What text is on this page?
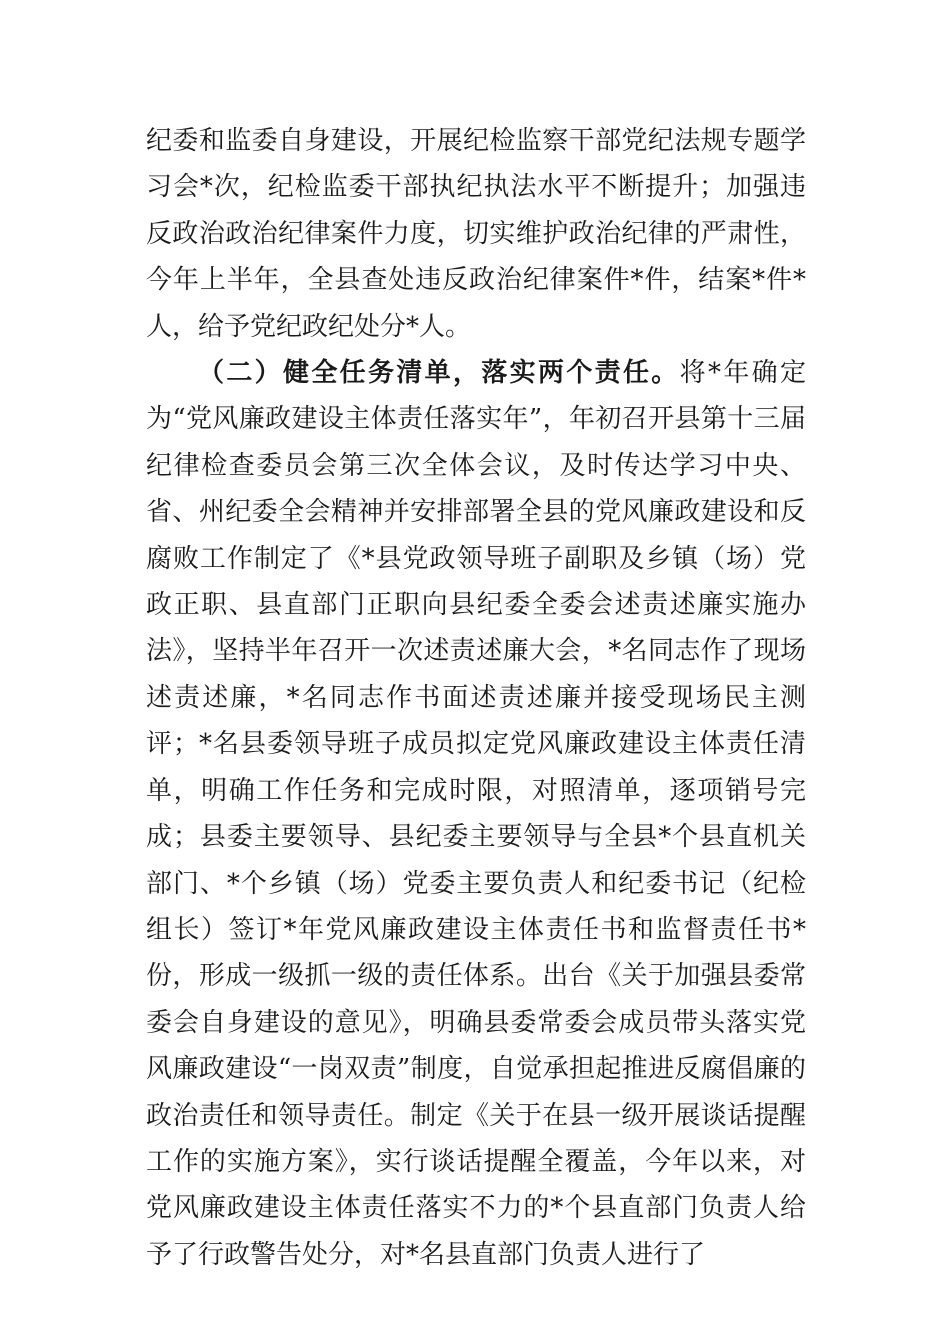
纪委和监委自身建设，开展纪检监察干部党纪法规专题学习会*次，纪检监委干部执纪执法水平不断提升；加强违反政治政治纪律案件力度，切实维护政治纪律的严肃性，今年上半年，全县查处违反政治纪律案件*件，结案*件*人，给予党纪政纪处分*人。

（二）健全任务清单，落实两个责任。将*年确定为“党风廉政建设主体责任落实年”，年初召开县第十三届纪律检查委员会第三次全体会议，及时传达学习中央、省、州纪委全会精神并安排部署全县的党风廉政建设和反腐败工作制定了《*县党政领导班子副职及乡镇（场）党政正职、县直部门正职向县纪委全委会述责述廉实施办法》，坚持半年召开一次述责述廉大会，*名同志作了现场述责述廉，*名同志作书面述责述廉并接受现场民主测评；*名县委领导班子成员拟定党风廉政建设主体责任清单，明确工作任务和完成时限，对照清单，逐项销号完成；县委主要领导、县纪委主要领导与全县*个县直机关部门、*个乡镇（场）党委主要负责人和纪委书记（纪检组长）签订*年党风廉政建设主体责任书和监督责任书*份，形成一级抓一级的责任体系。出台《关于加强县委常委会自身建设的意见》，明确县委常委会成员带头落实党风廉政建设“一岗双责”制度，自觉承担起推进反腐倡廉的政治责任和领导责任。制定《关于在县一级开展谈话提醒工作的实施方案》，实行谈话提醒全覆盖，今年以来，对党风廉政建设主体责任落实不力的*个县直部门负责人给予了行政警告处分，对*名县直部门负责人进行了
